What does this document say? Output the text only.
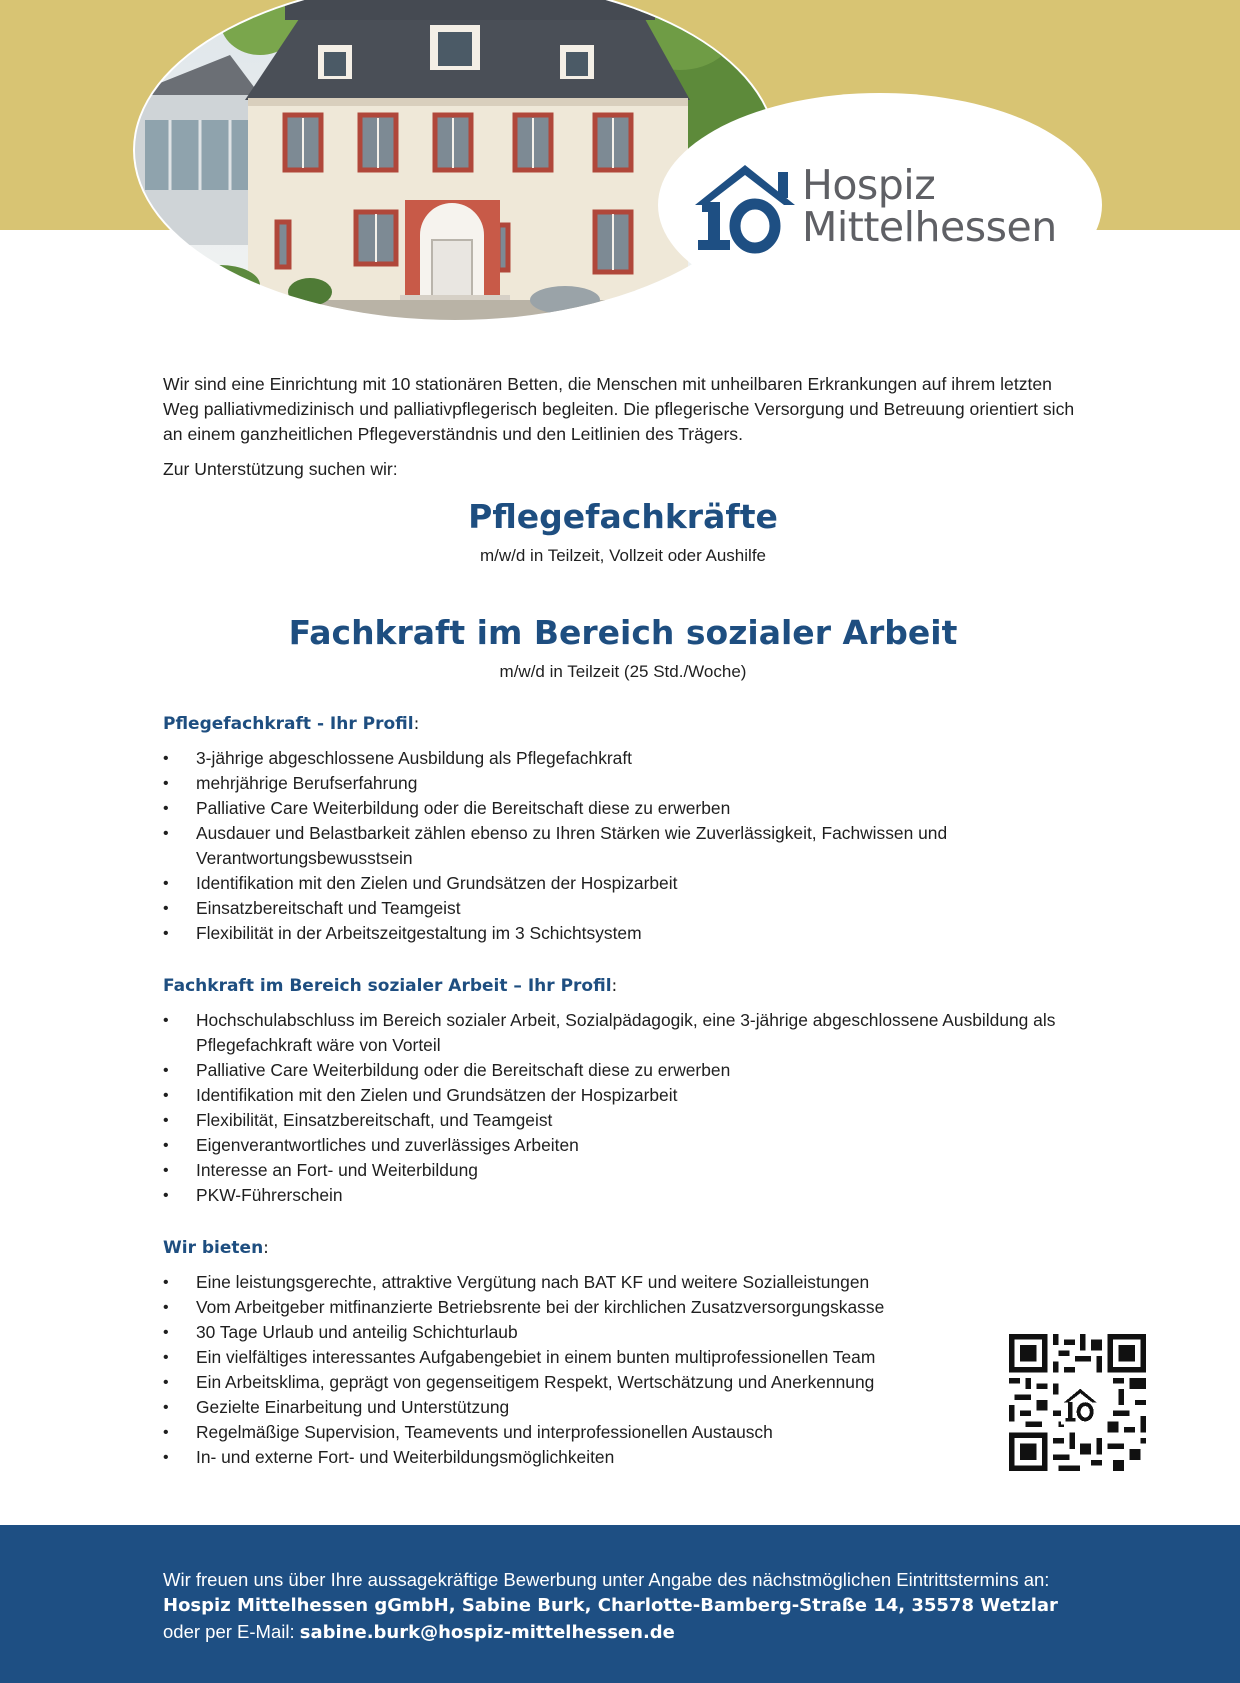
Hospiz
Mittelhessen

Wir sind eine Einrichtung mit 10 stationären Betten, die Menschen mit unheilbaren Erkrankungen auf ihrem letzten Weg palliativmedizinisch und palliativpflegerisch begleiten. Die pflegerische Versorgung und Betreuung orientiert sich an einem ganzheitlichen Pflegeverständnis und den Leitlinien des Trägers.

Zur Unterstützung suchen wir:

Pflegefachkräfte

m/w/d in Teilzeit, Vollzeit oder Aushilfe

Fachkraft im Bereich sozialer Arbeit

m/w/d in Teilzeit (25 Std./Woche)

Pflegefachkraft - Ihr Profil:
• 3-jährige abgeschlossene Ausbildung als Pflegefachkraft
• mehrjährige Berufserfahrung
• Palliative Care Weiterbildung oder die Bereitschaft diese zu erwerben
• Ausdauer und Belastbarkeit zählen ebenso zu Ihren Stärken wie Zuverlässigkeit, Fachwissen und Verantwortungsbewusstsein
• Identifikation mit den Zielen und Grundsätzen der Hospizarbeit
• Einsatzbereitschaft und Teamgeist
• Flexibilität in der Arbeitszeitgestaltung im 3 Schichtsystem
Fachkraft im Bereich sozialer Arbeit – Ihr Profil:
• Hochschulabschluss im Bereich sozialer Arbeit, Sozialpädagogik, eine 3-jährige abgeschlossene Ausbildung als Pflegefachkraft wäre von Vorteil
• Palliative Care Weiterbildung oder die Bereitschaft diese zu erwerben
• Identifikation mit den Zielen und Grundsätzen der Hospizarbeit
• Flexibilität, Einsatzbereitschaft, und Teamgeist
• Eigenverantwortliches und zuverlässiges Arbeiten
• Interesse an Fort- und Weiterbildung
• PKW-Führerschein
Wir bieten:
• Eine leistungsgerechte, attraktive Vergütung nach BAT KF und weitere Sozialleistungen
• Vom Arbeitgeber mitfinanzierte Betriebsrente bei der kirchlichen Zusatzversorgungskasse
• 30 Tage Urlaub und anteilig Schichturlaub
• Ein vielfältiges interessantes Aufgabengebiet in einem bunten multiprofessionellen Team
• Ein Arbeitsklima, geprägt von gegenseitigem Respekt, Wertschätzung und Anerkennung
• Gezielte Einarbeitung und Unterstützung
• Regelmäßige Supervision, Teamevents und interprofessionellen Austausch
• In- und externe Fort- und Weiterbildungsmöglichkeiten
Wir freuen uns über Ihre aussagekräftige Bewerbung unter Angabe des nächstmöglichen Eintrittstermins an:
Hospiz Mittelhessen gGmbH, Sabine Burk, Charlotte-Bamberg-Straße 14, 35578 Wetzlar
oder per E-Mail: sabine.burk@hospiz-mittelhessen.de
